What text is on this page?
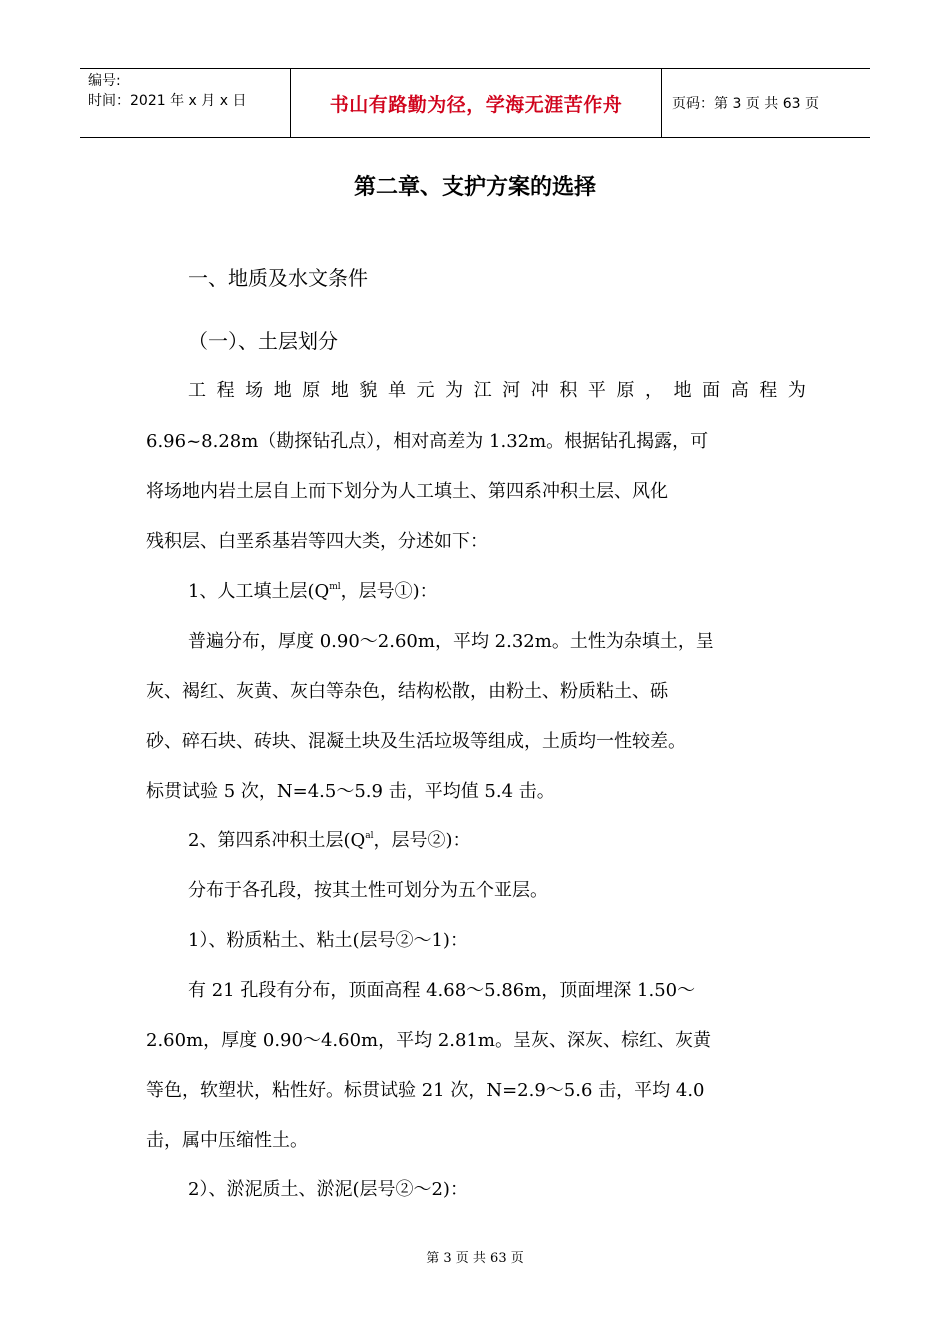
编号:
时间：2021 年 x 月 x 日	书山有路勤为径，学海无涯苦作舟	页码：第 3 页 共 63 页
第二章、支护方案的选择
一、地质及水文条件
（一）、土层划分
工 程 场 地 原 地 貌 单 元 为 江 河 冲 积 平 原 ， 地 面 高 程 为
6.96~8.28m（勘探钻孔点），相对高差为 1.32m。根据钻孔揭露，可
将场地内岩土层自上而下划分为人工填土、第四系冲积土层、风化
残积层、白垩系基岩等四大类，分述如下：
1、人工填土层($Q^{ml}$，层号①)：
普遍分布，厚度 0.90～2.60m，平均 2.32m。土性为杂填土，呈
灰、褐红、灰黄、灰白等杂色，结构松散，由粉土、粉质粘土、砾
砂、碎石块、砖块、混凝土块及生活垃圾等组成，土质均一性较差。
标贯试验 5 次，N=4.5～5.9 击，平均值 5.4 击。
2、第四系冲积土层($Q^{al}$，层号②)：
分布于各孔段，按其土性可划分为五个亚层。
1）、粉质粘土、粘土(层号②～1)：
有 21 孔段有分布，顶面高程 4.68～5.86m，顶面埋深 1.50～
2.60m，厚度 0.90～4.60m，平均 2.81m。呈灰、深灰、棕红、灰黄
等色，软塑状，粘性好。标贯试验 21 次，N=2.9～5.6 击，平均 4.0
击，属中压缩性土。
2）、淤泥质土、淤泥(层号②～2)：
第 3 页 共 63 页
